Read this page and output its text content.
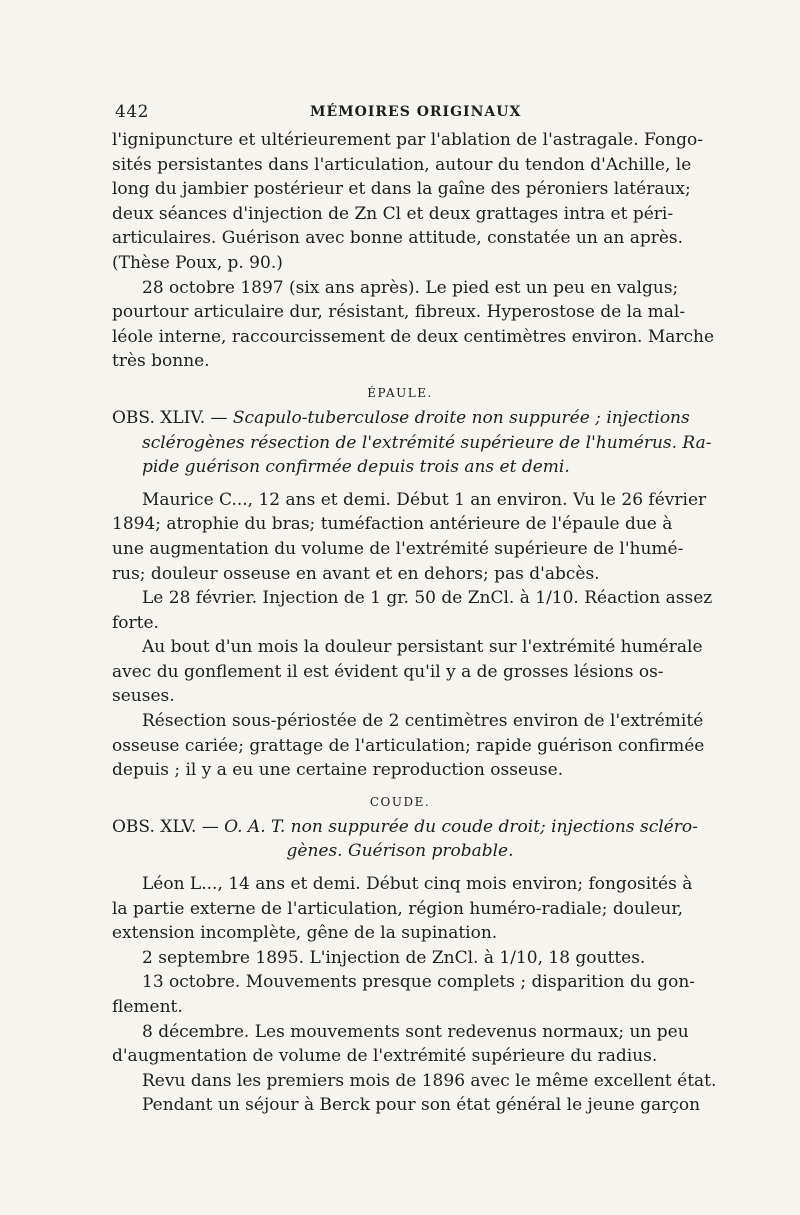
442	MÉMOIRES ORIGINAUX
l'ignipuncture et ultérieurement par l'ablation de l'astragale. Fongo-
sités persistantes dans l'articulation, autour du tendon d'Achille, le
long du jambier postérieur et dans la gaîne des péroniers latéraux;
deux séances d'injection de Zn Cl et deux grattages intra et péri-
articulaires. Guérison avec bonne attitude, constatée un an après.
(Thèse Poux, p. 90.)
28 octobre 1897 (six ans après). Le pied est un peu en valgus;
pourtour articulaire dur, résistant, fibreux. Hyperostose de la mal-
léole interne, raccourcissement de deux centimètres environ. Marche
très bonne.
ÉPAULE.
OBS. XLIV. — Scapulo-tuberculose droite non suppurée ; injections
sclérogènes résection de l'extrémité supérieure de l'humérus. Ra-
pide guérison confirmée depuis trois ans et demi.
Maurice C..., 12 ans et demi. Début 1 an environ. Vu le 26 février
1894; atrophie du bras; tuméfaction antérieure de l'épaule due à
une augmentation du volume de l'extrémité supérieure de l'humé-
rus; douleur osseuse en avant et en dehors; pas d'abcès.
Le 28 février. Injection de 1 gr. 50 de ZnCl. à 1/10. Réaction assez
forte.
Au bout d'un mois la douleur persistant sur l'extrémité humérale
avec du gonflement il est évident qu'il y a de grosses lésions os-
seuses.
Résection sous-périostée de 2 centimètres environ de l'extrémité
osseuse cariée; grattage de l'articulation; rapide guérison confirmée
depuis ; il y a eu une certaine reproduction osseuse.
COUDE.
OBS. XLV. — O. A. T. non suppurée du coude droit; injections scléro-
gènes. Guérison probable.
Léon L..., 14 ans et demi. Début cinq mois environ; fongosités à
la partie externe de l'articulation, région huméro-radiale; douleur,
extension incomplète, gêne de la supination.
2 septembre 1895. L'injection de ZnCl. à 1/10, 18 gouttes.
13 octobre. Mouvements presque complets ; disparition du gon-
flement.
8 décembre. Les mouvements sont redevenus normaux; un peu
d'augmentation de volume de l'extrémité supérieure du radius.
Revu dans les premiers mois de 1896 avec le même excellent état.
Pendant un séjour à Berck pour son état général le jeune garçon
